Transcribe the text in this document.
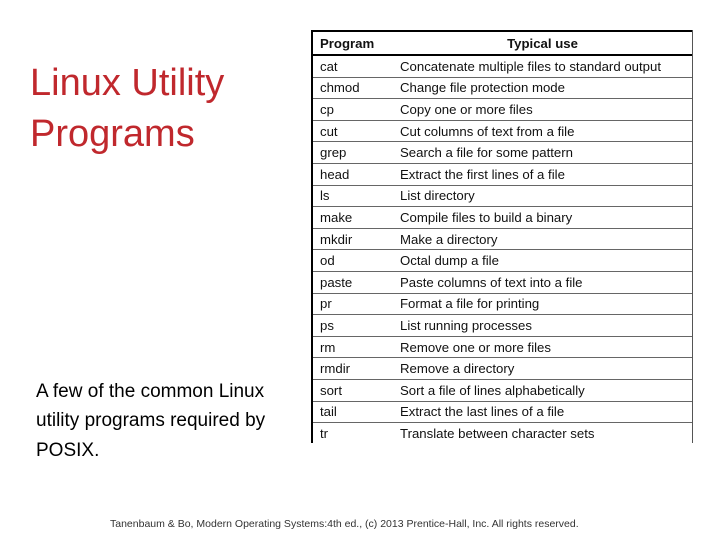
Linux Utility Programs
Program	Typical use
cat	Concatenate multiple files to standard output
chmod	Change file protection mode
cp	Copy one or more files
cut	Cut columns of text from a file
grep	Search a file for some pattern
head	Extract the first lines of a file
ls	List directory
make	Compile files to build a binary
mkdir	Make a directory
od	Octal dump a file
paste	Paste columns of text into a file
pr	Format a file for printing
ps	List running processes
rm	Remove one or more files
rmdir	Remove a directory
sort	Sort a file of lines alphabetically
tail	Extract the last lines of a file
tr	Translate between character sets
A few of the common Linux utility programs required by POSIX.
Tanenbaum & Bo, Modern Operating Systems:4th ed., (c) 2013 Prentice-Hall, Inc. All rights reserved.
